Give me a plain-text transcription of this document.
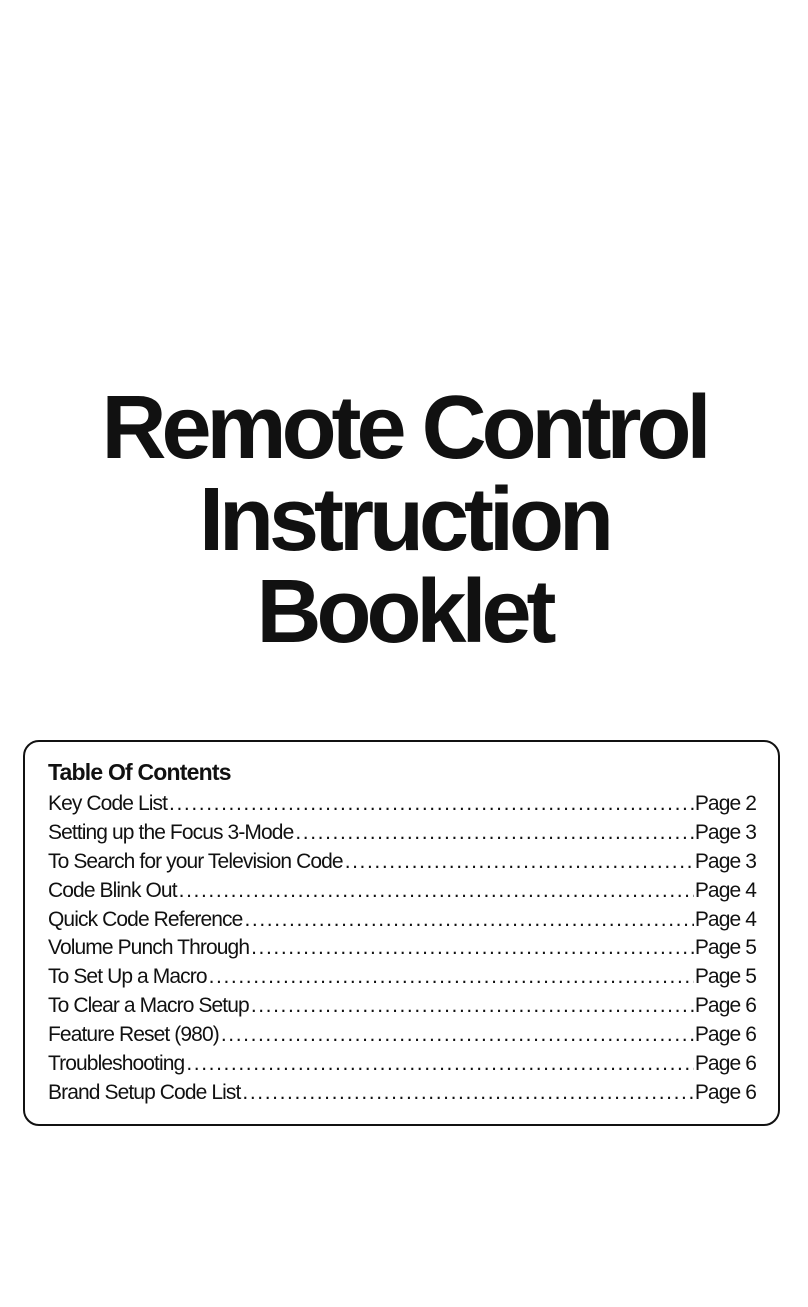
Remote Control
Instruction
Booklet
Table Of Contents
Key Code List .....	Page 2
Setting up the Focus 3-Mode .....	Page 3
To Search for your Television Code .....	Page 3
Code Blink Out .....	Page 4
Quick Code Reference .....	Page 4
Volume Punch Through .....	Page 5
To Set Up a Macro .....	Page 5
To Clear a Macro Setup .....	Page 6
Feature Reset (980) .....	Page 6
Troubleshooting .....	Page 6
Brand Setup Code List .....	Page 6
